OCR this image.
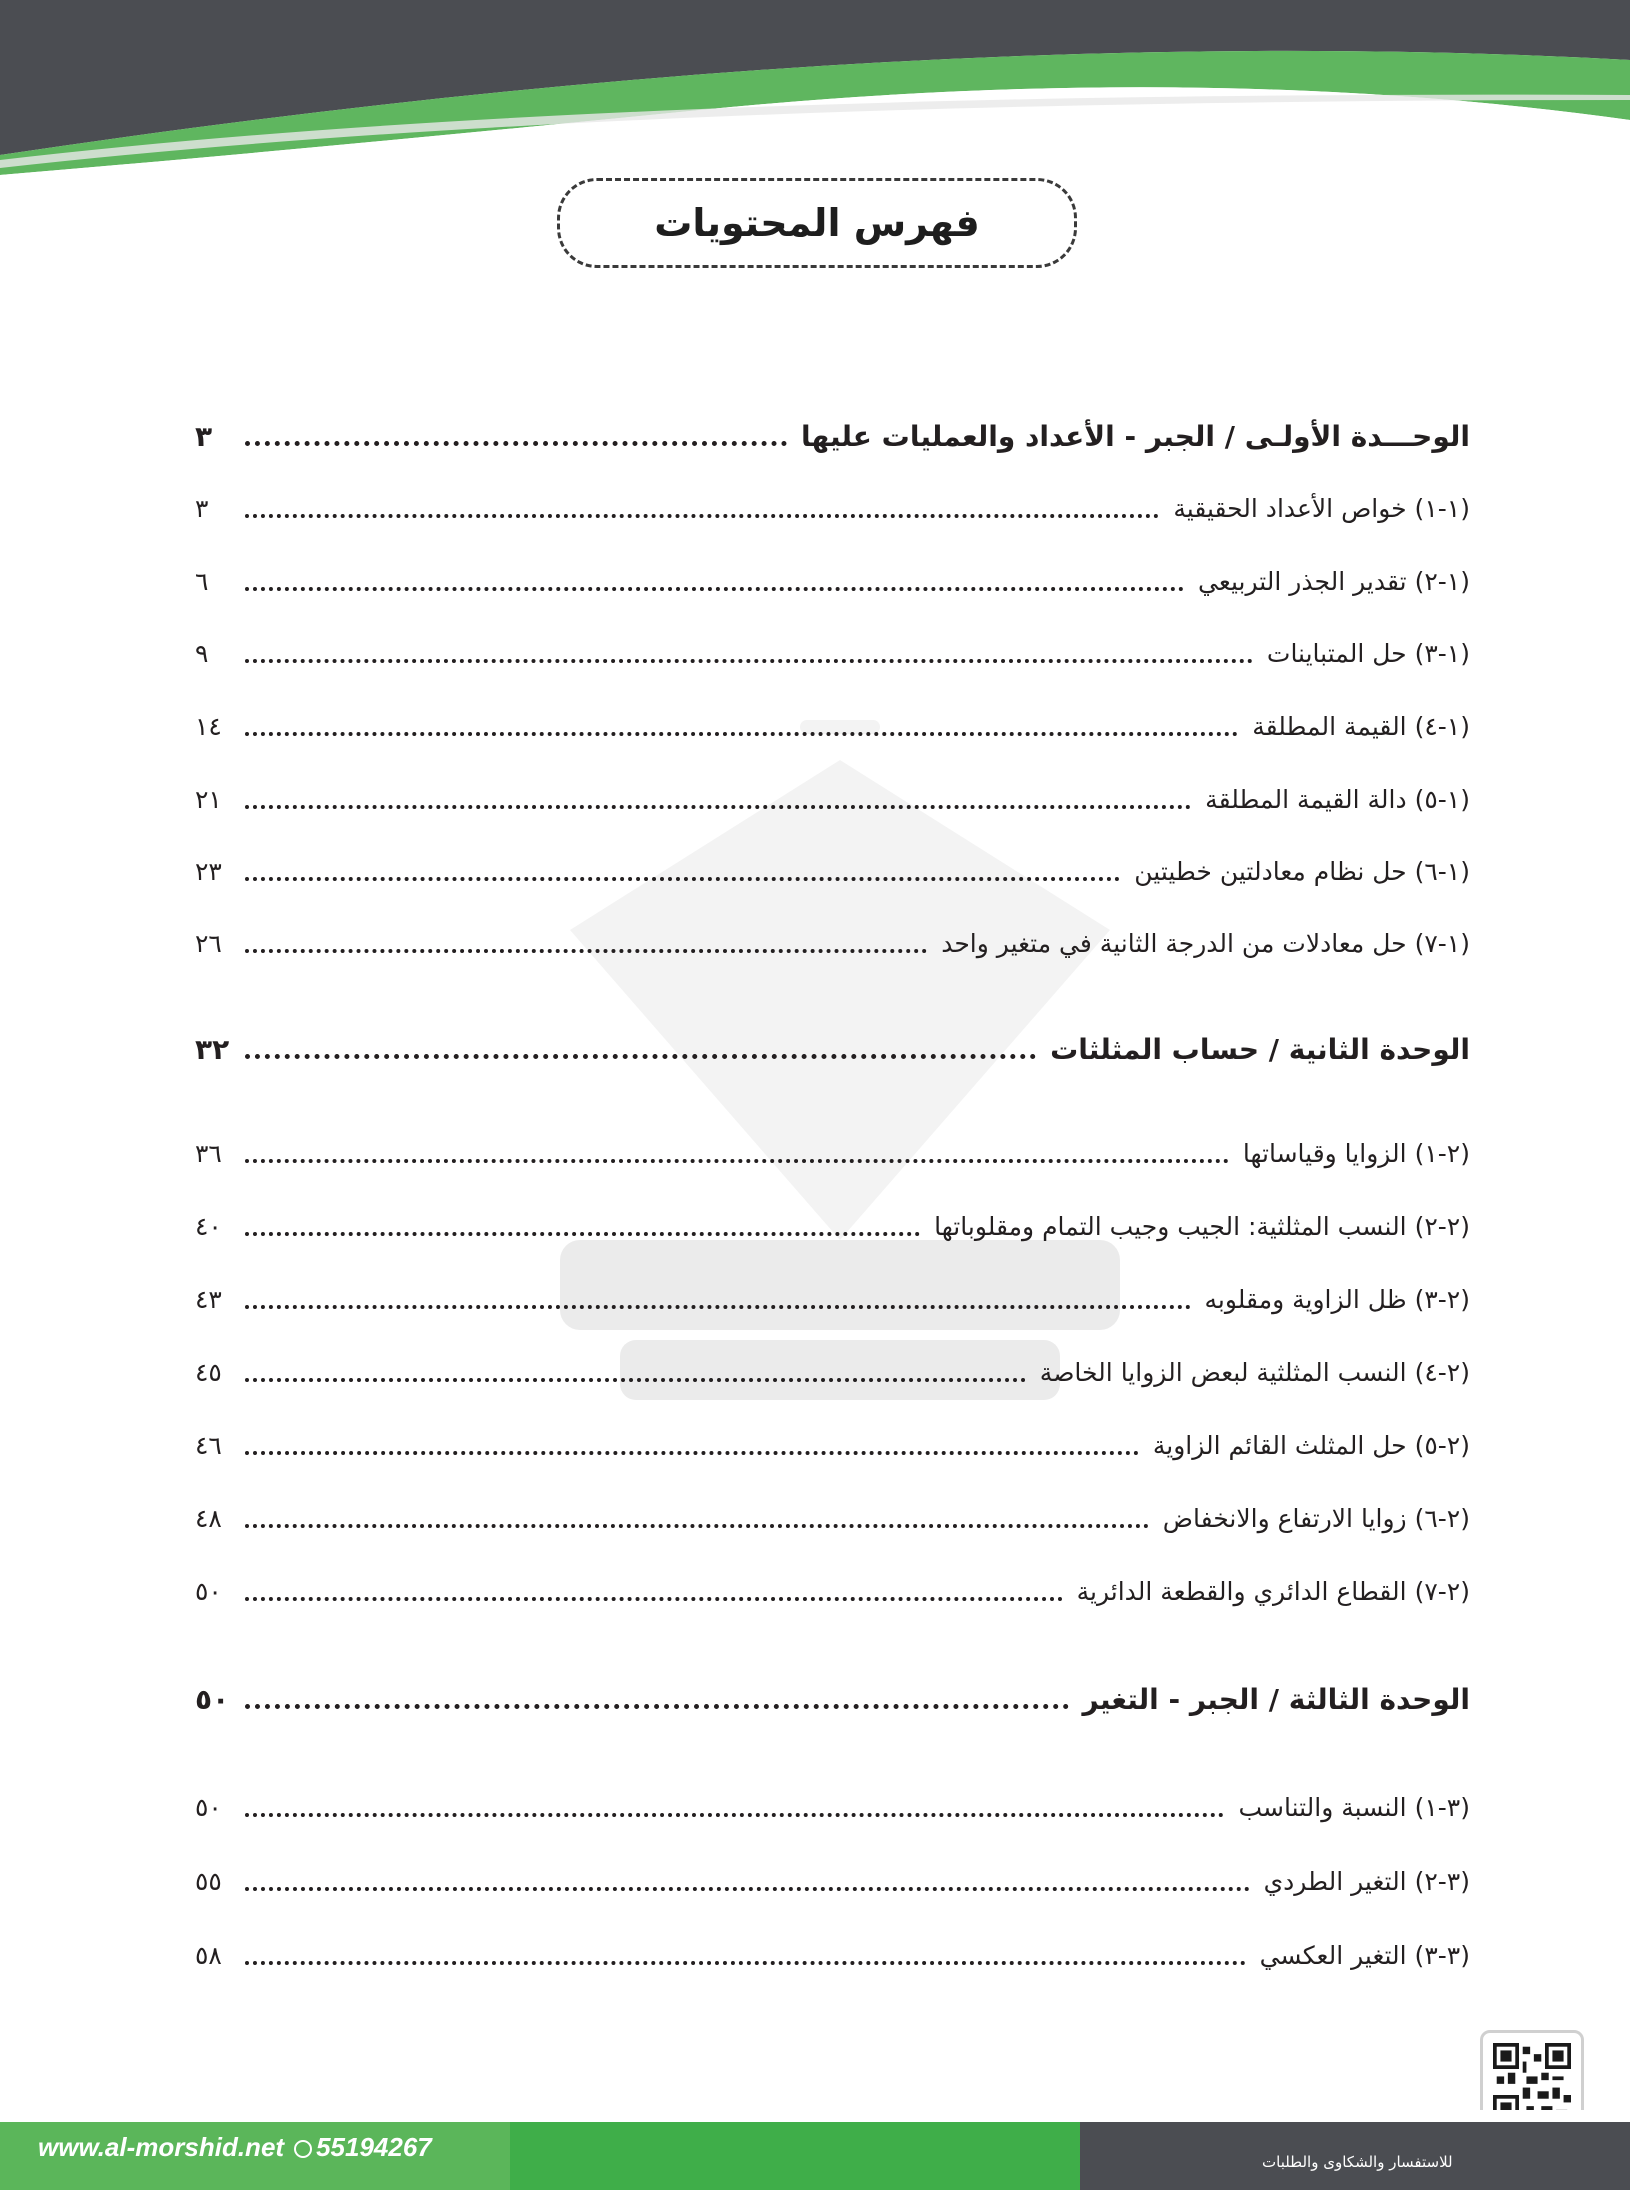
فهرس المحتويات
الوحـــدة الأولـى / الجبر - الأعداد والعمليات عليها
٣
(١-١) خواص الأعداد الحقيقية
٣
(١-٢) تقدير الجذر التربيعي
٦
(١-٣) حل المتباينات
٩
(١-٤) القيمة المطلقة
١٤
(١-٥) دالة القيمة المطلقة
٢١
(١-٦) حل نظام معادلتين خطيتين
٢٣
(١-٧) حل معادلات من الدرجة الثانية في متغير واحد
٢٦
الوحدة الثانية / حساب المثلثات
٣٢
(٢-١) الزوايا وقياساتها
٣٦
(٢-٢) النسب المثلثية: الجيب وجيب التمام ومقلوباتها
٤٠
(٢-٣) ظل الزاوية ومقلوبه
٤٣
(٢-٤) النسب المثلثية لبعض الزوايا الخاصة
٤٥
(٢-٥) حل المثلث القائم الزاوية
٤٦
(٢-٦) زوايا الارتفاع والانخفاض
٤٨
(٢-٧) القطاع الدائري والقطعة الدائرية
٥٠
الوحدة الثالثة / الجبر - التغير
٥٠
(٣-١) النسبة والتناسب
٥٠
(٣-٢) التغير الطردي
٥٥
(٣-٣) التغير العكسي
٥٨
www.al-morshid.net 55194267	للاستفسار والشكاوى والطلبات
